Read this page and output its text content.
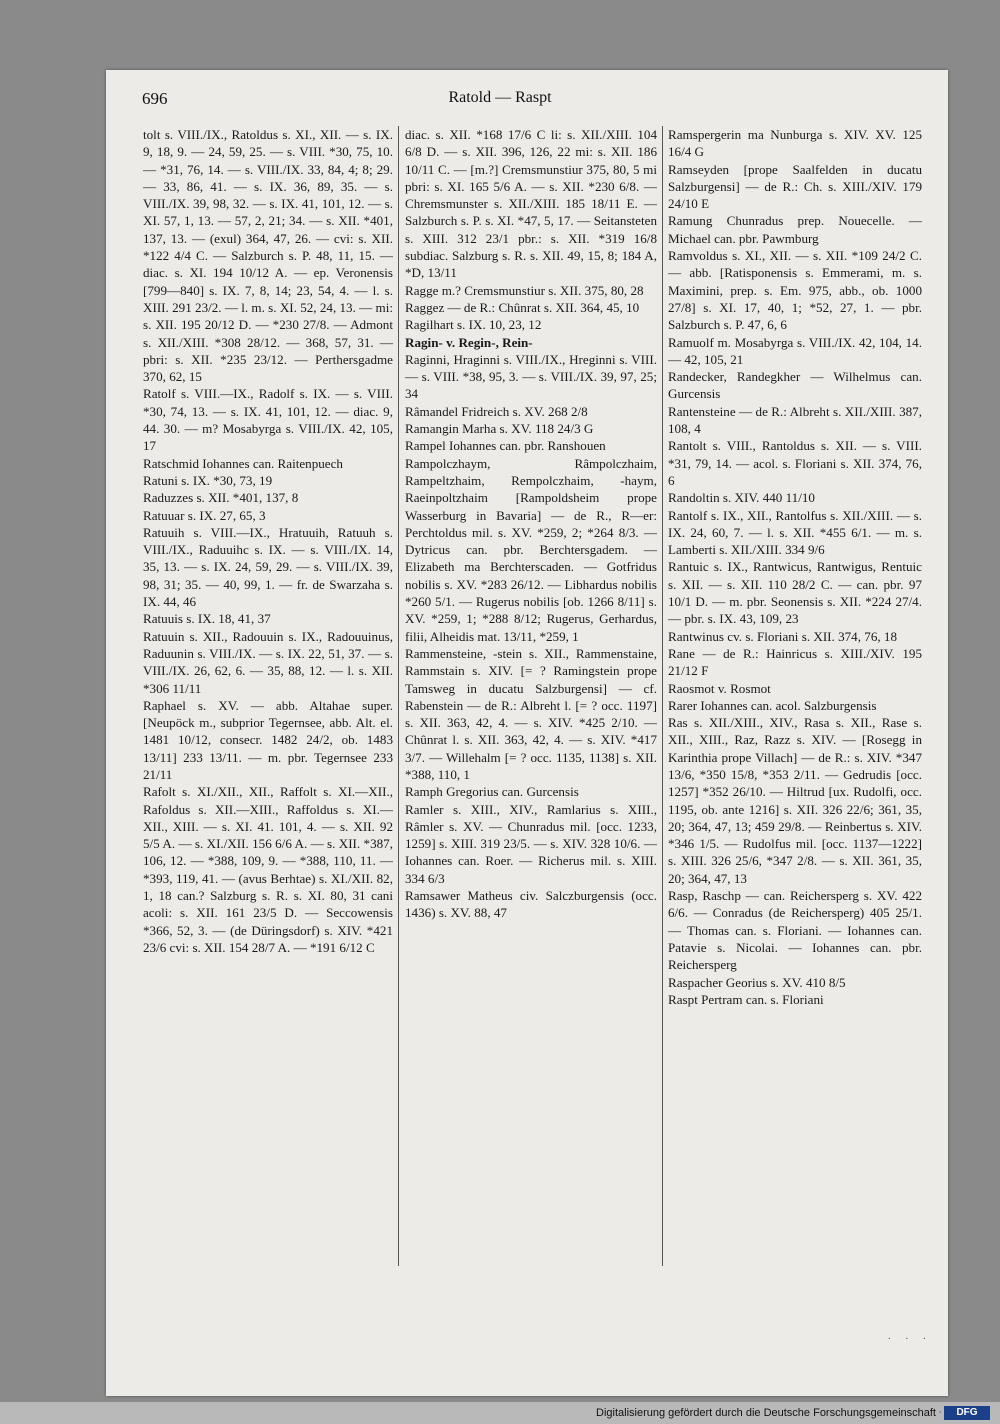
696	Ratold — Raspt

tolt s. VIII./IX., Ratoldus s. XI., XII. — s. IX. 9, 18, 9. — 24, 59, 25. — s. VIII. *30, 75, 10. — *31, 76, 14. — s. VIII./IX. 33, 84, 4; 8; 29. — 33, 86, 41. — s. IX. 36, 89, 35. — s. VIII./IX. 39, 98, 32. — s. IX. 41, 101, 12. — s. XI. 57, 1, 13. — 57, 2, 21; 34. — s. XII. *401, 137, 13. — (exul) 364, 47, 26. — cvi: s. XII. *122 4/4 C. — Salzburch s. P. 48, 11, 15. — diac. s. XI. 194 10/12 A. — ep. Veronensis [799—840] s. IX. 7, 8, 14; 23, 54, 4. — l. s. XIII. 291 23/2. — l. m. s. XI. 52, 24, 13. — mi: s. XII. 195 20/12 D. — *230 27/8. — Admont s. XII./XIII. *308 28/12. — 368, 57, 31. — pbri: s. XII. *235 23/12. — Perthersgadme 370, 62, 15

Ratolf s. VIII.—IX., Radolf s. IX. — s. VIII. *30, 74, 13. — s. IX. 41, 101, 12. — diac. 9, 44. 30. — m? Mosabyrga s. VIII./IX. 42, 105, 17

Ratschmid Iohannes can. Raitenpuech

Ratuni s. IX. *30, 73, 19

Raduzzes s. XII. *401, 137, 8

Ratuuar s. IX. 27, 65, 3

Ratuuih s. VIII.—IX., Hratuuih, Ratuuh s. VIII./IX., Raduuihc s. IX. — s. VIII./IX. 14, 35, 13. — s. IX. 24, 59, 29. — s. VIII./IX. 39, 98, 31; 35. — 40, 99, 1. — fr. de Swarzaha s. IX. 44, 46

Ratuuis s. IX. 18, 41, 37

Ratuuin s. XII., Radouuin s. IX., Radouuinus, Raduunin s. VIII./IX. — s. IX. 22, 51, 37. — s. VIII./IX. 26, 62, 6. — 35, 88, 12. — l. s. XII. *306 11/11

Raphael s. XV. — abb. Altahae super. [Neupöck m., subprior Tegernsee, abb. Alt. el. 1481 10/12, consecr. 1482 24/2, ob. 1483 13/11] 233 13/11. — m. pbr. Tegernsee 233 21/11

Rafolt s. XI./XII., XII., Raffolt s. XI.—XII., Rafoldus s. XII.—XIII., Raffoldus s. XI.—XII., XIII. — s. XI. 41. 101, 4. — s. XII. 92 5/5 A. — s. XI./XII. 156 6/6 A. — s. XII. *387, 106, 12. — *388, 109, 9. — *388, 110, 11. — *393, 119, 41. — (avus Berhtae) s. XI./XII. 82, 1, 18 can.? Salzburg s. R. s. XI. 80, 31 cani acoli: s. XII. 161 23/5 D. — Seccowensis *366, 52, 3. — (de Düringsdorf) s. XIV. *421 23/6 cvi: s. XII. 154 28/7 A. — *191 6/12 C

diac. s. XII. *168 17/6 C li: s. XII./XIII. 104 6/8 D. — s. XII. 396, 126, 22 mi: s. XII. 186 10/11 C. — [m.?] Cremsmunstiur 375, 80, 5 mi pbri: s. XI. 165 5/6 A. — s. XII. *230 6/8. — Chremsmunster s. XII./XIII. 185 18/11 E. — Salzburch s. P. s. XI. *47, 5, 17. — Seitansteten s. XIII. 312 23/1 pbr.: s. XII. *319 16/8 subdiac. Salzburg s. R. s. XII. 49, 15, 8; 184 A, *D, 13/11

Ragge m.? Cremsmunstiur s. XII. 375, 80, 28

Raggez — de R.: Chûnrat s. XII. 364, 45, 10

Ragilhart s. IX. 10, 23, 12

Ragin- v. Regin-, Rein-

Raginni, Hraginni s. VIII./IX., Hreginni s. VIII. — s. VIII. *38, 95, 3. — s. VIII./IX. 39, 97, 25; 34

Râmandel Fridreich s. XV. 268 2/8

Ramangin Marha s. XV. 118 24/3 G

Rampel Iohannes can. pbr. Ranshouen

Rampolczhaym, Râmpolczhaim, Rampeltzhaim, Rempolczhaim, -haym, Raeinpoltzhaim [Rampoldsheim prope Wasserburg in Bavaria] — de R., R—er: Perchtoldus mil. s. XV. *259, 2; *264 8/3. — Dytricus can. pbr. Berchtersgadem. — Elizabeth ma Berchterscaden. — Gotfridus nobilis s. XV. *283 26/12. — Libhardus nobilis *260 5/1. — Rugerus nobilis [ob. 1266 8/11] s. XV. *259, 1; *288 8/12; Rugerus, Gerhardus, filii, Alheidis mat. 13/11, *259, 1

Rammensteine, -stein s. XII., Rammenstaine, Rammstain s. XIV. [= ? Ramingstein prope Tamsweg in ducatu Salzburgensi] — cf. Rabenstein — de R.: Albreht l. [= ? occ. 1197] s. XII. 363, 42, 4. — s. XIV. *425 2/10. — Chûnrat l. s. XII. 363, 42, 4. — s. XIV. *417 3/7. — Willehalm [= ? occ. 1135, 1138] s. XII. *388, 110, 1

Ramph Gregorius can. Gurcensis

Ramler s. XIII., XIV., Ramlarius s. XIII., Râmler s. XV. — Chunradus mil. [occ. 1233, 1259] s. XIII. 319 23/5. — s. XIV. 328 10/6. — Iohannes can. Roer. — Richerus mil. s. XIII. 334 6/3

Ramsawer Matheus civ. Salczburgensis (occ. 1436) s. XV. 88, 47

Ramspergerin ma Nunburga s. XIV. XV. 125 16/4 G

Ramseyden [prope Saalfelden in ducatu Salzburgensi] — de R.: Ch. s. XIII./XIV. 179 24/10 E

Ramung Chunradus prep. Nouecelle. — Michael can. pbr. Pawmburg

Ramvoldus s. XI., XII. — s. XII. *109 24/2 C. — abb. [Ratisponensis s. Emmerami, m. s. Maximini, prep. s. Em. 975, abb., ob. 1000 27/8] s. XI. 17, 40, 1; *52, 27, 1. — pbr. Salzburch s. P. 47, 6, 6

Ramuolf m. Mosabyrga s. VIII./IX. 42, 104, 14. — 42, 105, 21

Randecker, Randegkher — Wilhelmus can. Gurcensis

Rantensteine — de R.: Albreht s. XII./XIII. 387, 108, 4

Rantolt s. VIII., Rantoldus s. XII. — s. VIII. *31, 79, 14. — acol. s. Floriani s. XII. 374, 76, 6

Randoltin s. XIV. 440 11/10

Rantolf s. IX., XII., Rantolfus s. XII./XIII. — s. IX. 24, 60, 7. — l. s. XII. *455 6/1. — m. s. Lamberti s. XII./XIII. 334 9/6

Rantuic s. IX., Rantwicus, Rantwigus, Rentuic s. XII. — s. XII. 110 28/2 C. — can. pbr. 97 10/1 D. — m. pbr. Seonensis s. XII. *224 27/4. — pbr. s. IX. 43, 109, 23

Rantwinus cv. s. Floriani s. XII. 374, 76, 18

Rane — de R.: Hainricus s. XIII./XIV. 195 21/12 F

Raosmot v. Rosmot

Rarer Iohannes can. acol. Salzburgensis

Ras s. XII./XIII., XIV., Rasa s. XII., Rase s. XII., XIII., Raz, Razz s. XIV. — [Rosegg in Karinthia prope Villach] — de R.: s. XIV. *347 13/6, *350 15/8, *353 2/11. — Gedrudis [occ. 1257] *352 26/10. — Hiltrud [ux. Rudolfi, occ. 1195, ob. ante 1216] s. XII. 326 22/6; 361, 35, 20; 364, 47, 13; 459 29/8. — Reinbertus s. XIV. *346 1/5. — Rudolfus mil. [occ. 1137—1222] s. XIII. 326 25/6, *347 2/8. — s. XII. 361, 35, 20; 364, 47, 13

Rasp, Raschp — can. Reichersperg s. XV. 422 6/6. — Conradus (de Reichersperg) 405 25/1. — Thomas can. s. Floriani. — Iohannes can. Patavie s. Nicolai. — Iohannes can. pbr. Reichersperg

Raspacher Georius s. XV. 410 8/5

Raspt Pertram can. s. Floriani

. . .
Digitalisierung gefördert durch die Deutsche Forschungsgemeinschaft ·	DFG
